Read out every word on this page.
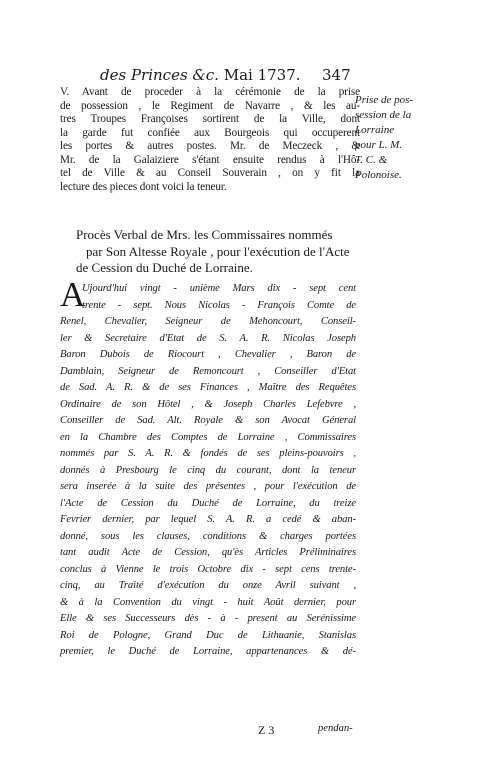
des Princes &c. Mai 1737. 347
V. Avant de proceder à la cérémonie de la prise
de possession , le Regiment de Navarre , & les au-
tres Troupes Françoises sortirent de la Ville, dont
la garde fut confiée aux Bourgeois qui occuperent
les portes & autres postes. Mr. de Meczeck , &
Mr. de la Galaiziere s'étant ensuite rendus à l'Hô-
tel de Ville & au Conseil Souverain , on y fit la
lecture des pieces dont voici la teneur.
Prise de pos-
session de la
Lorraine
pour L. M.
T. C. &
Polonoise.
Procès Verbal de Mrs. les Commissaires nommés
par Son Altesse Royale , pour l'exécution de l'Acte
de Cession du Duché de Lorraine.
A
Ujourd'hui vingt - unième Mars dix - sept cent
trente - sept. Nous Nicolas - François Comte de
Renel, Chevalier, Seigneur de Mehoncourt, Conseil-
ler & Secretaire d'Etat de S. A. R. Nicolas Joseph
Baron Dubois de Riocourt , Chevalier , Baron de
Damblain, Seigneur de Remoncourt , Conseiller d'Etat
de Sad. A. R. & de ses Finances , Maître des Requêtes
Ordinaire de son Hôtel , & Joseph Charles Lefebvre ,
Conseiller de Sad. Alt. Royale & son Avocat Géneral
en la Chambre des Comptes de Lorraine , Commissaires
nommés par S. A. R. & fondés de ses pleins-pouvoirs ,
donnés à Presbourg le cinq du courant, dont la teneur
sera inserée à la suite des présentes , pour l'exécution de
l'Acte de Cession du Duché de Lorraine, du treize
Fevrier dernier, par lequel S. A. R. a cedé & aban-
donné, sous les clauses, conditions & charges portées
tant audit Acte de Cession, qu'ès Articles Préliminaires
conclus à Vienne le trois Octobre dix - sept cens trente-
cinq, au Traité d'exécution du onze Avril suivant ,
& à la Convention du vingt - huit Août dernier, pour
Elle & ses Successeurs dès - à - present au Serénissime
Roi de Pologne, Grand Duc de Lithuanie, Stanislas
premier, le Duché de Lorraine, appartenances & dé-
Z 3	pendan-
